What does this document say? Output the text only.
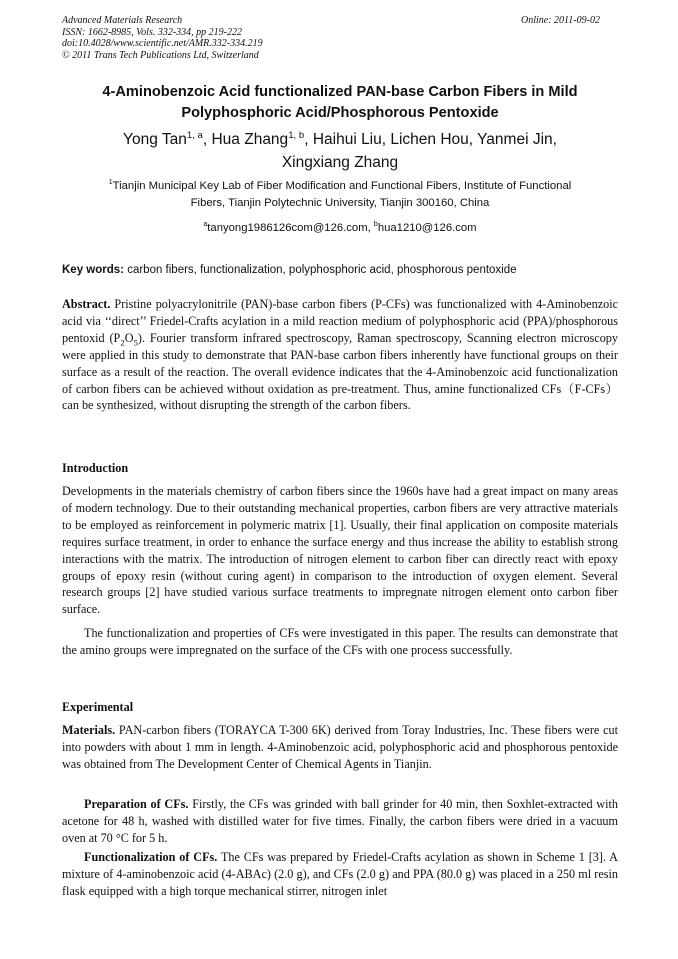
Advanced Materials Research
ISSN: 1662-8985, Vols. 332-334, pp 219-222
doi:10.4028/www.scientific.net/AMR.332-334.219
© 2011 Trans Tech Publications Ltd, Switzerland
Online: 2011-09-02
4-Aminobenzoic Acid functionalized PAN-base Carbon Fibers in Mild
Polyphosphoric Acid/Phosphorous Pentoxide
Yong Tan$^{1, a}$, Hua Zhang$^{1, b}$, Haihui Liu, Lichen Hou, Yanmei Jin,
Xingxiang Zhang
$^1$Tianjin Municipal Key Lab of Fiber Modification and Functional Fibers, Institute of Functional
Fibers, Tianjin Polytechnic University, Tianjin 300160, China
$^a$tanyong1986126com@126.com, $^b$hua1210@126.com
Key words: carbon fibers, functionalization, polyphosphoric acid, phosphorous pentoxide
Abstract. Pristine polyacrylonitrile (PAN)-base carbon fibers (P-CFs) was functionalized with 4-Aminobenzoic acid via ‘‘direct’’ Friedel-Crafts acylation in a mild reaction medium of polyphosphoric acid (PPA)/phosphorous pentoxid $(P_2O_5)$. Fourier transform infrared spectroscopy, Raman spectroscopy, Scanning electron microscopy were applied in this study to demonstrate that PAN-base carbon fibers inherently have functional groups on their surface as a result of the reaction. The overall evidence indicates that the 4-Aminobenzoic acid functionalization of carbon fibers can be achieved without oxidation as pre-treatment. Thus, amine functionalized CFs（F-CFs）can be synthesized, without disrupting the strength of the carbon fibers.
Introduction
Developments in the materials chemistry of carbon fibers since the 1960s have had a great impact on many areas of modern technology. Due to their outstanding mechanical properties, carbon fibers are very attractive materials to be employed as reinforcement in polymeric matrix [1]. Usually, their final application on composite materials requires surface treatment, in order to enhance the surface energy and thus increase the ability to establish strong interactions with the matrix. The introduction of nitrogen element to carbon fiber can directly react with epoxy groups of epoxy resin (without curing agent) in comparison to the introduction of oxygen element. Several research groups [2] have studied various surface treatments to impregnate nitrogen element onto carbon fiber surface.
The functionalization and properties of CFs were investigated in this paper. The results can demonstrate that the amino groups were impregnated on the surface of the CFs with one process successfully.
Experimental
Materials. PAN-carbon fibers (TORAYCA T-300 6K) derived from Toray Industries, Inc. These fibers were cut into powders with about 1 mm in length. 4-Aminobenzoic acid, polyphosphoric acid and phosphorous pentoxide was obtained from The Development Center of Chemical Agents in Tianjin.
Preparation of CFs. Firstly, the CFs was grinded with ball grinder for 40 min, then Soxhlet-extracted with acetone for 48 h, washed with distilled water for five times. Finally, the carbon fibers were dried in a vacuum oven at 70 °C for 5 h.
Functionalization of CFs. The CFs was prepared by Friedel-Crafts acylation as shown in Scheme 1 [3]. A mixture of 4-aminobenzoic acid (4-ABAc) (2.0 g), and CFs (2.0 g) and PPA (80.0 g) was placed in a 250 ml resin flask equipped with a high torque mechanical stirrer, nitrogen inlet
